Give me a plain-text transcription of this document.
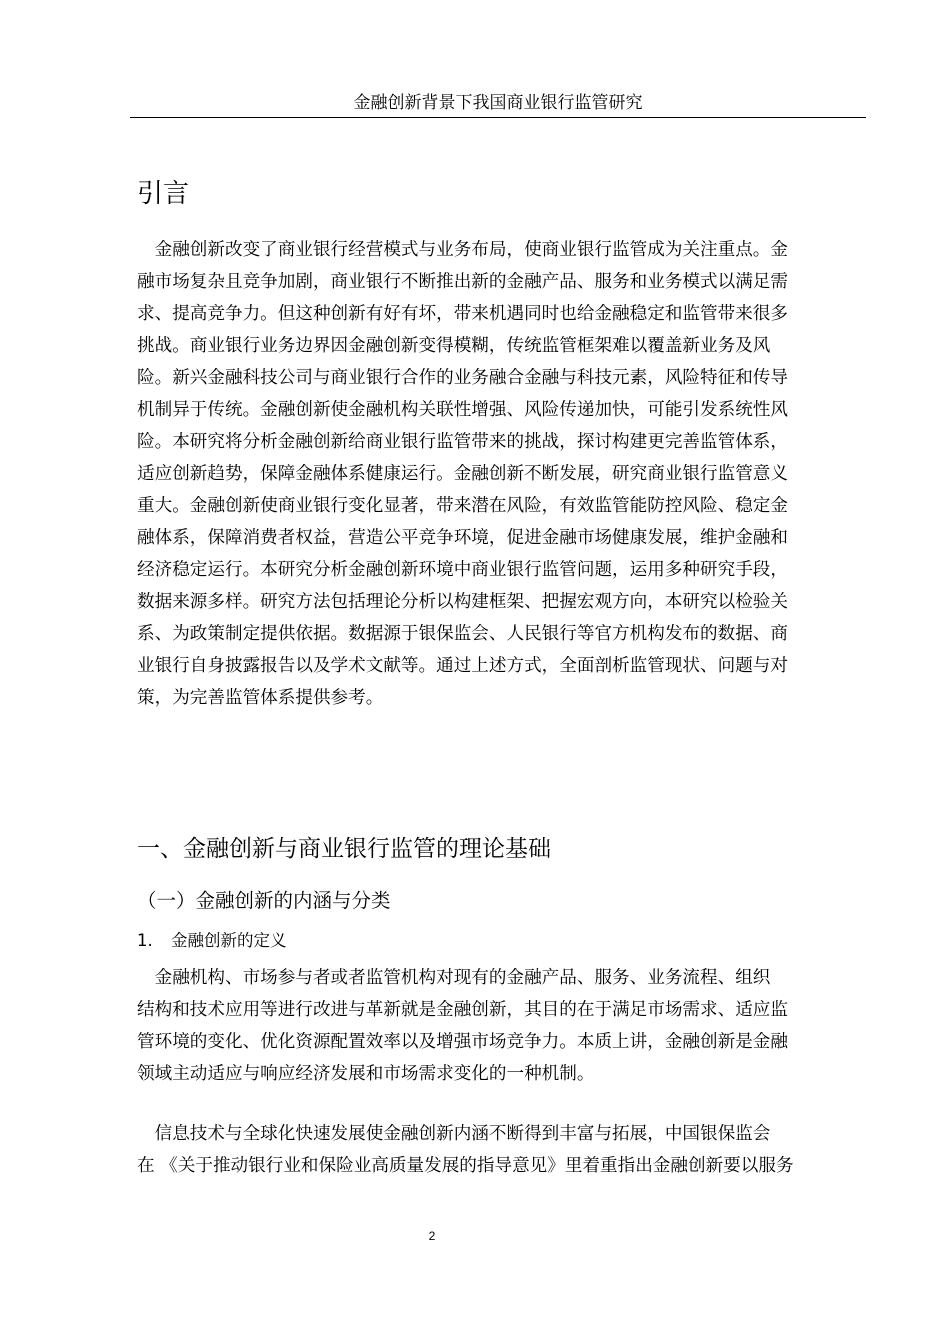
金融创新背景下我国商业银行监管研究
引言
　金融创新改变了商业银行经营模式与业务布局，使商业银行监管成为关注重点。金
融市场复杂且竞争加剧，商业银行不断推出新的金融产品、服务和业务模式以满足需
求、提高竞争力。但这种创新有好有坏，带来机遇同时也给金融稳定和监管带来很多
挑战。商业银行业务边界因金融创新变得模糊，传统监管框架难以覆盖新业务及风
险。新兴金融科技公司与商业银行合作的业务融合金融与科技元素，风险特征和传导
机制异于传统。金融创新使金融机构关联性增强、风险传递加快，可能引发系统性风
险。本研究将分析金融创新给商业银行监管带来的挑战，探讨构建更完善监管体系，
适应创新趋势，保障金融体系健康运行。金融创新不断发展，研究商业银行监管意义
重大。金融创新使商业银行变化显著，带来潜在风险，有效监管能防控风险、稳定金
融体系，保障消费者权益，营造公平竞争环境，促进金融市场健康发展，维护金融和
经济稳定运行。本研究分析金融创新环境中商业银行监管问题，运用多种研究手段，
数据来源多样。研究方法包括理论分析以构建框架、把握宏观方向，本研究以检验关
系、为政策制定提供依据。数据源于银保监会、人民银行等官方机构发布的数据、商
业银行自身披露报告以及学术文献等。通过上述方式，全面剖析监管现状、问题与对
策，为完善监管体系提供参考。
一、金融创新与商业银行监管的理论基础
（一）金融创新的内涵与分类
1. 金融创新的定义
　金融机构、市场参与者或者监管机构对现有的金融产品、服务、业务流程、组织
结构和技术应用等进行改进与革新就是金融创新，其目的在于满足市场需求、适应监
管环境的变化、优化资源配置效率以及增强市场竞争力。本质上讲，金融创新是金融
领域主动适应与响应经济发展和市场需求变化的一种机制。
　信息技术与全球化快速发展使金融创新内涵不断得到丰富与拓展，中国银保监会
在 《关于推动银行业和保险业高质量发展的指导意见》里着重指出金融创新要以服务
2
